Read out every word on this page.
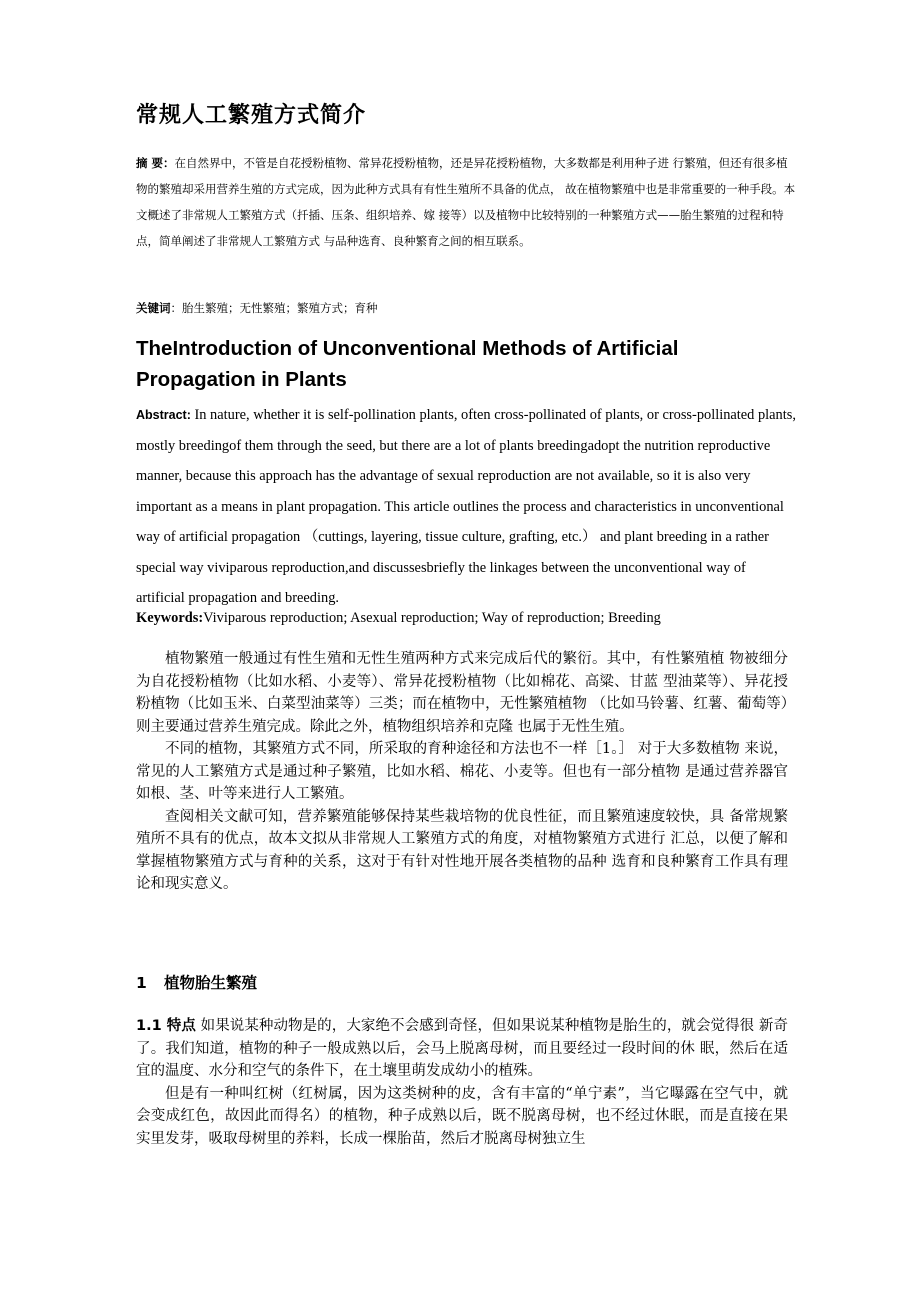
常规人工繁殖方式简介

摘 要：在自然界中，不管是自花授粉植物、常异花授粉植物，还是异花授粉植物，大多数都是利用种子进 行繁殖，但还有很多植物的繁殖却采用营养生殖的方式完成，因为此种方式具有有性生殖所不具备的优点， 故在植物繁殖中也是非常重要的一种手段。本文概述了非常规人工繁殖方式（扦插、压条、组织培养、嫁 接等）以及植物中比较特别的一种繁殖方式——胎生繁殖的过程和特点，简单阐述了非常规人工繁殖方式 与品种选育、良种繁育之间的相互联系。

关键词：胎生繁殖；无性繁殖；繁殖方式；育种

TheIntroduction of Unconventional Methods of Artificial Propagation in Plants

Abstract: In nature, whether it is self-pollination plants, often cross-pollinated of plants, or cross-pollinated plants, mostly breedingof them through the seed, but there are a lot of plants breedingadopt the nutrition reproductive manner, because this approach has the advantage of sexual reproduction are not available, so it is also very important as a means in plant propagation. This article outlines the process and characteristics in unconventional way of artificial propagation （cuttings, layering, tissue culture, grafting, etc.） and plant breeding in a rather special way viviparous reproduction,and discussesbriefly the linkages between the unconventional way of artificial propagation and breeding.

Keywords:Viviparous reproduction; Asexual reproduction; Way of reproduction; Breeding

植物繁殖一般通过有性生殖和无性生殖两种方式来完成后代的繁衍。其中，有性繁殖植 物被细分为自花授粉植物（比如水稻、小麦等）、常异花授粉植物（比如棉花、高粱、甘蓝 型油菜等）、异花授粉植物（比如玉米、白菜型油菜等）三类；而在植物中，无性繁殖植物 （比如马铃薯、红薯、葡萄等）则主要通过营养生殖完成。除此之外，植物组织培养和克隆 也属于无性生殖。

不同的植物，其繁殖方式不同，所采取的育种途径和方法也不一样［1。］ 对于大多数植物 来说，常见的人工繁殖方式是通过种子繁殖，比如水稻、棉花、小麦等。但也有一部分植物 是通过营养器官如根、茎、叶等来进行人工繁殖。

查阅相关文献可知，营养繁殖能够保持某些栽培物的优良性征，而且繁殖速度较快，具 备常规繁殖所不具有的优点，故本文拟从非常规人工繁殖方式的角度，对植物繁殖方式进行 汇总，以便了解和掌握植物繁殖方式与育种的关系，这对于有针对性地开展各类植物的品种 选育和良种繁育工作具有理论和现实意义。

1 植物胎生繁殖

1.1 特点 如果说某种动物是的，大家绝不会感到奇怪，但如果说某种植物是胎生的，就会觉得很 新奇了。我们知道，植物的种子一般成熟以后，会马上脱离母树，而且要经过一段时间的休 眠，然后在适宜的温度、水分和空气的条件下，在土壤里萌发成幼小的植殊。

但是有一种叫红树（红树属，因为这类树种的皮，含有丰富的“单宁素”，当它曝露在空气中，就会变成红色，故因此而得名）的植物，种子成熟以后，既不脱离母树，也不经过休眠，而是直接在果实里发芽，吸取母树里的养料，长成一棵胎苗，然后才脱离母树独立生
